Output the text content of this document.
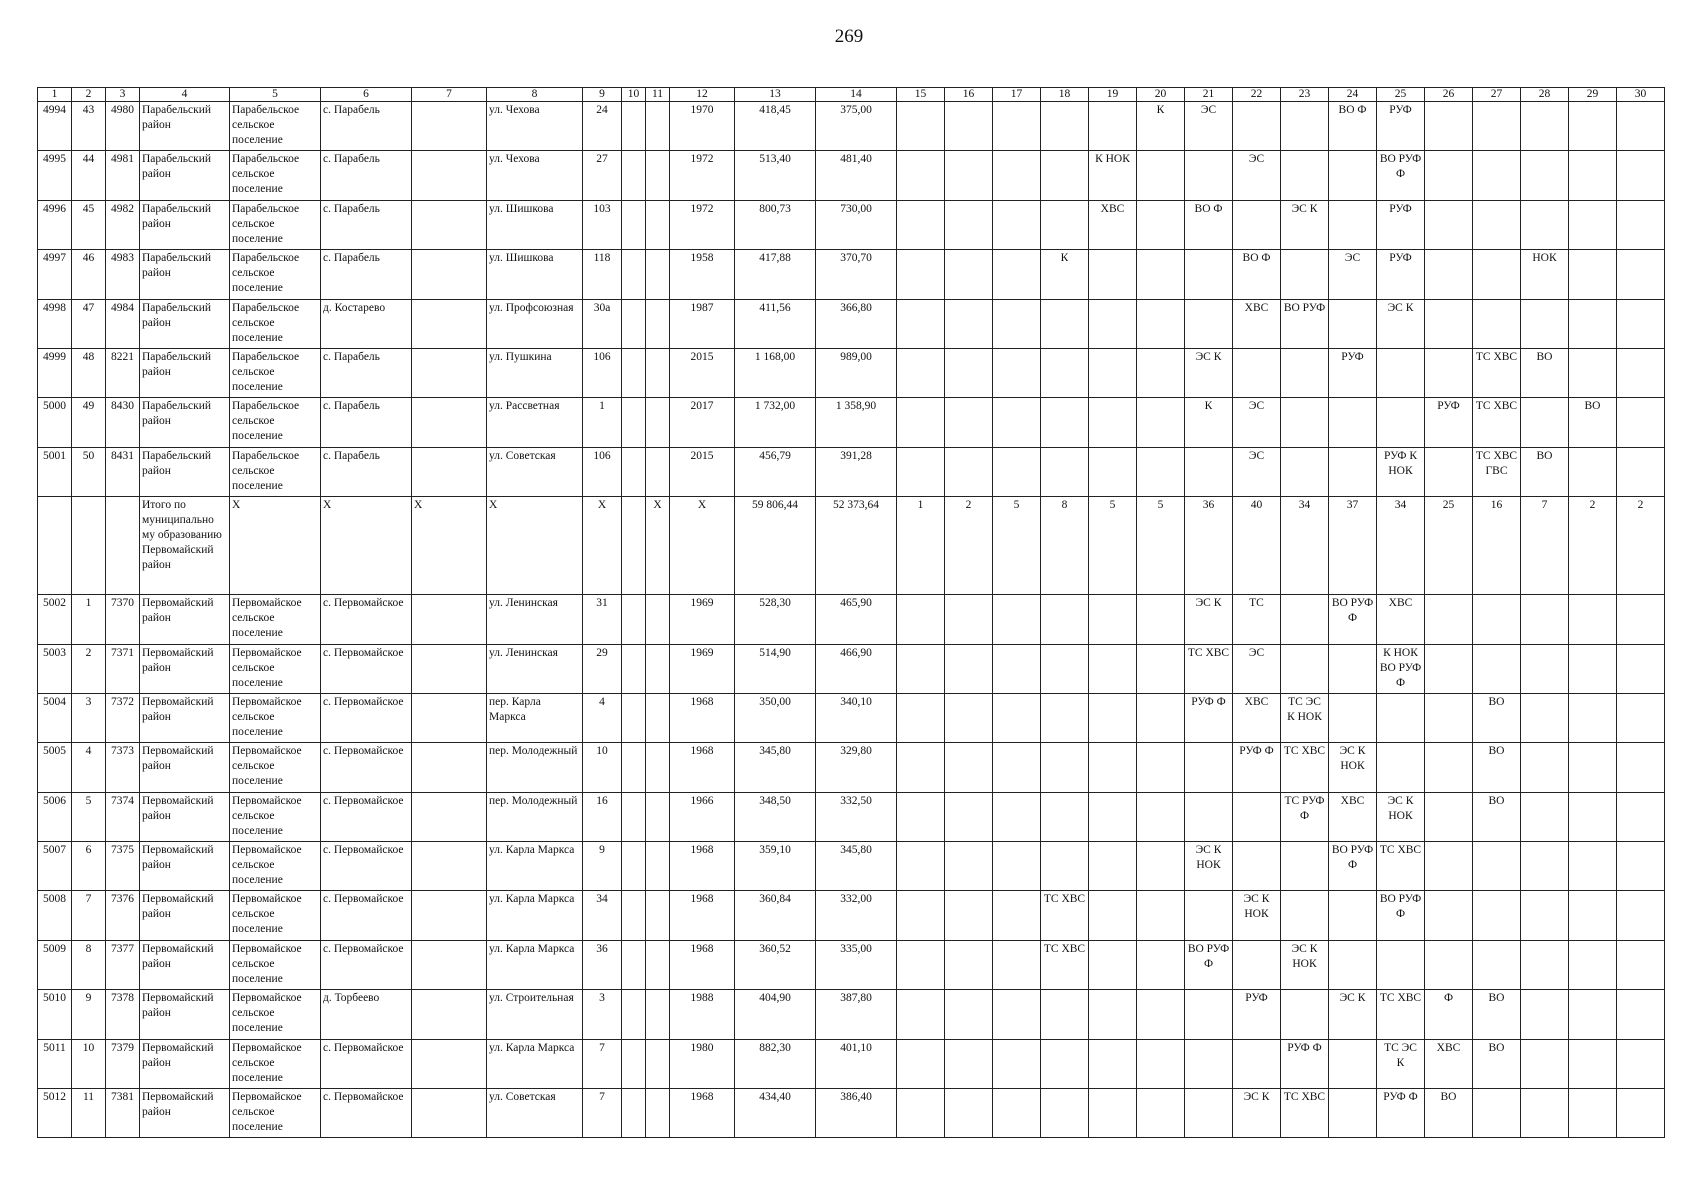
269
1	2	3	4	5	6	7	8	9	10	11	12	13	14	15	16	17	18	19	20	21	22	23	24	25	26	27	28	29	30
4994	43	4980	Парабельский район	Парабельское сельское поселение	с. Парабель		ул. Чехова	24			1970	418,45	375,00						К	ЭС			ВО Ф	РУФ					
4995	44	4981	Парабельский район	Парабельское сельское поселение	с. Парабель		ул. Чехова	27			1972	513,40	481,40					К НОК			ЭС			ВО РУФ Ф					
4996	45	4982	Парабельский район	Парабельское сельское поселение	с. Парабель		ул. Шишкова	103			1972	800,73	730,00					ХВС		ВО Ф		ЭС К		РУФ					
4997	46	4983	Парабельский район	Парабельское сельское поселение	с. Парабель		ул. Шишкова	118			1958	417,88	370,70				К				ВО Ф		ЭС	РУФ			НОК		
4998	47	4984	Парабельский район	Парабельское сельское поселение	д. Костарево		ул. Профсоюзная	30а			1987	411,56	366,80								ХВС	ВО РУФ		ЭС К					
4999	48	8221	Парабельский район	Парабельское сельское поселение	с. Парабель		ул. Пушкина	106			2015	1 168,00	989,00							ЭС К			РУФ			ТС ХВС	ВО		
5000	49	8430	Парабельский район	Парабельское сельское поселение	с. Парабель		ул. Рассветная	1			2017	1 732,00	1 358,90							К	ЭС				РУФ	ТС ХВС		ВО	
5001	50	8431	Парабельский район	Парабельское сельское поселение	с. Парабель		ул. Советская	106			2015	456,79	391,28								ЭС			РУФ К НОК		ТС ХВС ГВС	ВО		
			Итого по муниципально му образованию Первомайский район	X	X	X	X	X		X	X	59 806,44	52 373,64	1	2	5	8	5	5	36	40	34	37	34	25	16	7	2	2
5002	1	7370	Первомайский район	Первомайское сельское поселение	с. Первомайское		ул. Ленинская	31			1969	528,30	465,90							ЭС К	ТС		ВО РУФ Ф	ХВС					
5003	2	7371	Первомайский район	Первомайское сельское поселение	с. Первомайское		ул. Ленинская	29			1969	514,90	466,90							ТС ХВС	ЭС			К НОК ВО РУФ Ф					
5004	3	7372	Первомайский район	Первомайское сельское поселение	с. Первомайское		пер. Карла Маркса	4			1968	350,00	340,10							РУФ Ф	ХВС	ТС ЭС К НОК				ВО			
5005	4	7373	Первомайский район	Первомайское сельское поселение	с. Первомайское		пер. Молодежный	10			1968	345,80	329,80								РУФ Ф	ТС ХВС	ЭС К НОК			ВО			
5006	5	7374	Первомайский район	Первомайское сельское поселение	с. Первомайское		пер. Молодежный	16			1966	348,50	332,50									ТС РУФ Ф	ХВС	ЭС К НОК		ВО			
5007	6	7375	Первомайский район	Первомайское сельское поселение	с. Первомайское		ул. Карла Маркса	9			1968	359,10	345,80							ЭС К НОК			ВО РУФ Ф	ТС ХВС					
5008	7	7376	Первомайский район	Первомайское сельское поселение	с. Первомайское		ул. Карла Маркса	34			1968	360,84	332,00				ТС ХВС				ЭС К НОК			ВО РУФ Ф					
5009	8	7377	Первомайский район	Первомайское сельское поселение	с. Первомайское		ул. Карла Маркса	36			1968	360,52	335,00				ТС ХВС			ВО РУФ Ф		ЭС К НОК							
5010	9	7378	Первомайский район	Первомайское сельское поселение	д. Торбеево		ул. Строительная	3			1988	404,90	387,80								РУФ		ЭС К	ТС ХВС	Ф	ВО			
5011	10	7379	Первомайский район	Первомайское сельское поселение	с. Первомайское		ул. Карла Маркса	7			1980	882,30	401,10									РУФ Ф		ТС ЭС К	ХВС	ВО			
5012	11	7381	Первомайский район	Первомайское сельское поселение	с. Первомайское		ул. Советская	7			1968	434,40	386,40								ЭС К	ТС ХВС		РУФ Ф	ВО				
